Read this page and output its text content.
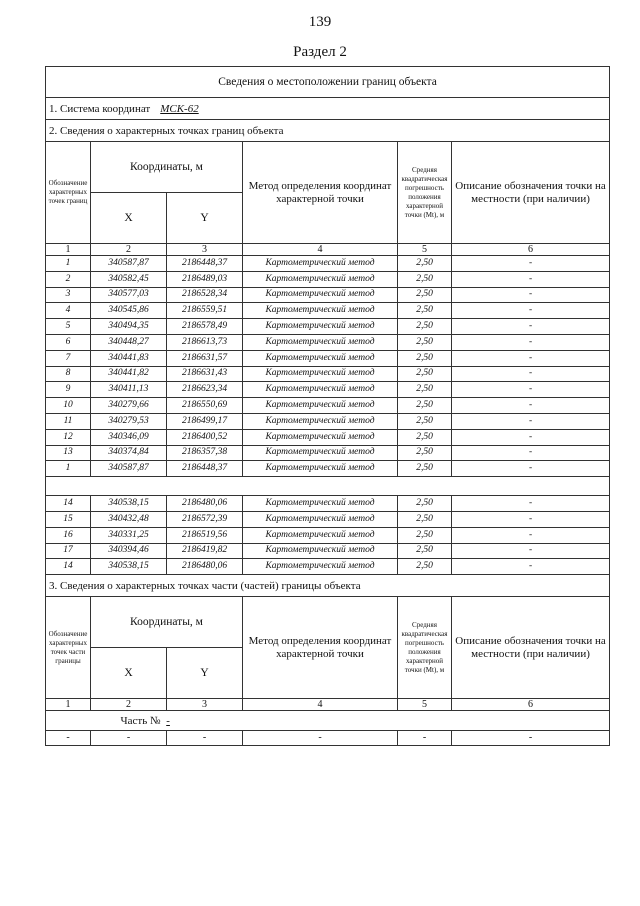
139
Раздел 2
Сведения о местоположении границ объекта					
1. Система координат МСК-62					
2. Сведения о характерных точках границ объекта					
Обозначение характерных точек границ	Координаты, м		Метод определения координат характерной точки	Средняя квадратическая погрешность положения характерной точки (Mt), м	Описание обозначения точки на местности (при наличии)
	X	Y			
1	2	3	4	5	6
1	340587,87	2186448,37	Картометрический метод	2,50	-
2	340582,45	2186489,03	Картометрический метод	2,50	-
3	340577,03	2186528,34	Картометрический метод	2,50	-
4	340545,86	2186559,51	Картометрический метод	2,50	-
5	340494,35	2186578,49	Картометрический метод	2,50	-
6	340448,27	2186613,73	Картометрический метод	2,50	-
7	340441,83	2186631,57	Картометрический метод	2,50	-
8	340441,82	2186631,43	Картометрический метод	2,50	-
9	340411,13	2186623,34	Картометрический метод	2,50	-
10	340279,66	2186550,69	Картометрический метод	2,50	-
11	340279,53	2186499,17	Картометрический метод	2,50	-
12	340346,09	2186400,52	Картометрический метод	2,50	-
13	340374,84	2186357,38	Картометрический метод	2,50	-
1	340587,87	2186448,37	Картометрический метод	2,50	-

14	340538,15	2186480,06	Картометрический метод	2,50	-
15	340432,48	2186572,39	Картометрический метод	2,50	-
16	340331,25	2186519,56	Картометрический метод	2,50	-
17	340394,46	2186419,82	Картометрический метод	2,50	-
14	340538,15	2186480,06	Картометрический метод	2,50	-
3. Сведения о характерных точках части (частей) границы объекта					
Обозначение характерных точек части границы	Координаты, м		Метод определения координат характерной точки	Средняя квадратическая погрешность положения характерной точки (Mt), м	Описание обозначения точки на местности (при наличии)
	X	Y			
1	2	3	4	5	6
	Часть № -				
-	-	-	-	-	-
